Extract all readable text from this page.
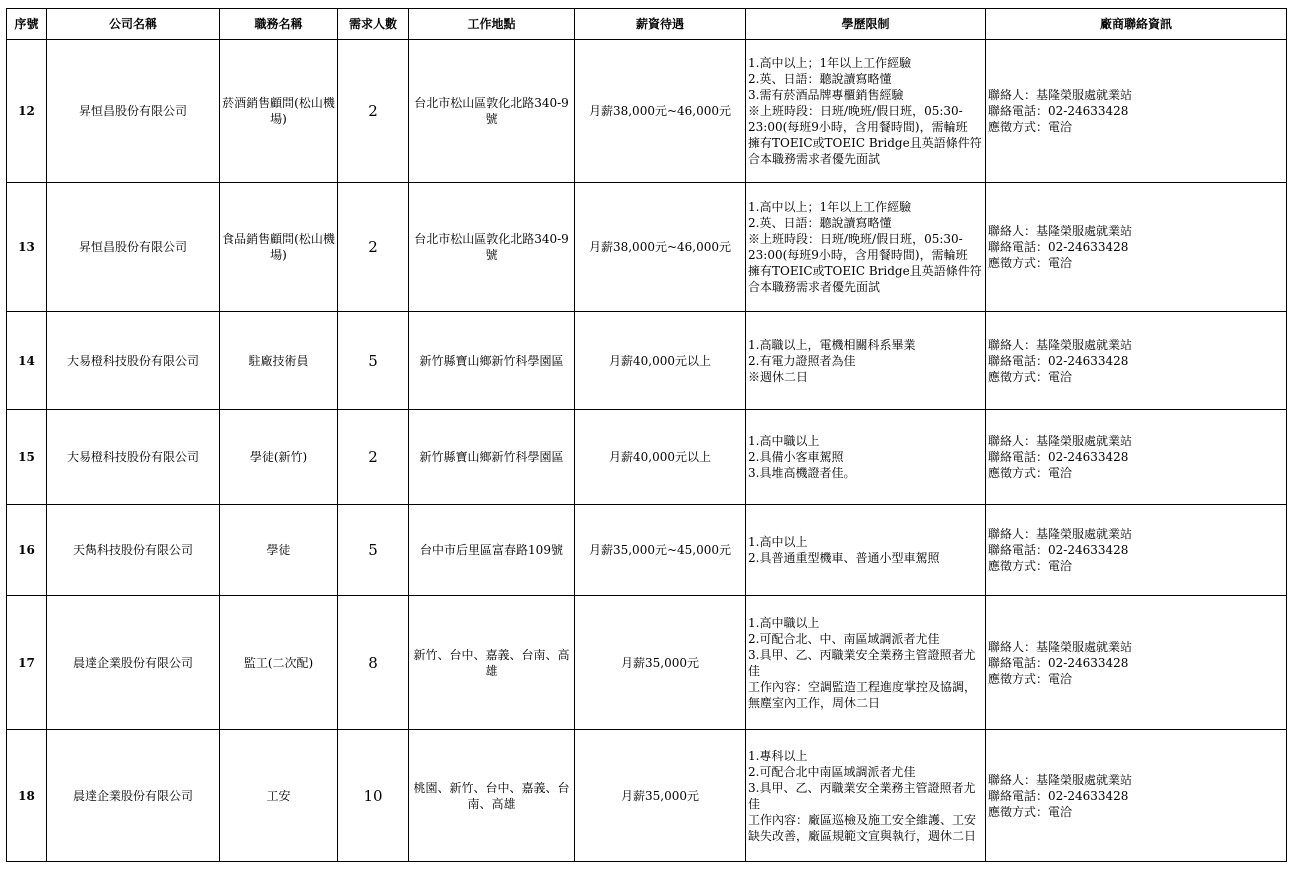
序號	公司名稱	職務名稱	需求人數	工作地點	薪資待遇	學歷限制	廠商聯絡資訊
12	昇恒昌股份有限公司	菸酒銷售顧問(松山機場)	2	台北市松山區敦化北路340-9號	月薪38,000元~46,000元	1.高中以上；1年以上工作經驗
2.英、日語：聽說讀寫略懂
3.需有菸酒品牌專櫃銷售經驗
※上班時段：日班/晚班/假日班，05:30-23:00(每班9小時，含用餐時間)，需輪班
擁有TOEIC或TOEIC Bridge且英語條件符合本職務需求者優先面試	聯絡人：基隆榮服處就業站
聯絡電話：02-24633428
應徵方式：電洽
13	昇恒昌股份有限公司	食品銷售顧問(松山機場)	2	台北市松山區敦化北路340-9號	月薪38,000元~46,000元	1.高中以上；1年以上工作經驗
2.英、日語：聽說讀寫略懂
※上班時段：日班/晚班/假日班，05:30-23:00(每班9小時，含用餐時間)，需輪班
擁有TOEIC或TOEIC Bridge且英語條件符合本職務需求者優先面試	聯絡人：基隆榮服處就業站
聯絡電話：02-24633428
應徵方式：電洽
14	大易橙科技股份有限公司	駐廠技術員	5	新竹縣寶山鄉新竹科學園區	月薪40,000元以上	1.高職以上，電機相關科系畢業
2.有電力證照者為佳
※週休二日	聯絡人：基隆榮服處就業站
聯絡電話：02-24633428
應徵方式：電洽
15	大易橙科技股份有限公司	學徒(新竹)	2	新竹縣寶山鄉新竹科學園區	月薪40,000元以上	1.高中職以上
2.具備小客車駕照
3.具堆高機證者佳。	聯絡人：基隆榮服處就業站
聯絡電話：02-24633428
應徵方式：電洽
16	天雋科技股份有限公司	學徒	5	台中市后里區富春路109號	月薪35,000元~45,000元	1.高中以上
2.具普通重型機車、普通小型車駕照	聯絡人：基隆榮服處就業站
聯絡電話：02-24633428
應徵方式：電洽
17	晨達企業股份有限公司	監工(二次配)	8	新竹、台中、嘉義、台南、高雄	月薪35,000元	1.高中職以上
2.可配合北、中、南區域調派者尤佳
3.具甲、乙、丙職業安全業務主管證照者尤佳
工作內容：空調監造工程進度掌控及協調，無塵室內工作，周休二日	聯絡人：基隆榮服處就業站
聯絡電話：02-24633428
應徵方式：電洽
18	晨達企業股份有限公司	工安	10	桃園、新竹、台中、嘉義、台南、高雄	月薪35,000元	1.專科以上
2.可配合北中南區域調派者尤佳
3.具甲、乙、丙職業安全業務主管證照者尤佳
工作內容：廠區巡檢及施工安全維護、工安缺失改善，廠區規範文宣與執行，週休二日	聯絡人：基隆榮服處就業站
聯絡電話：02-24633428
應徵方式：電洽
